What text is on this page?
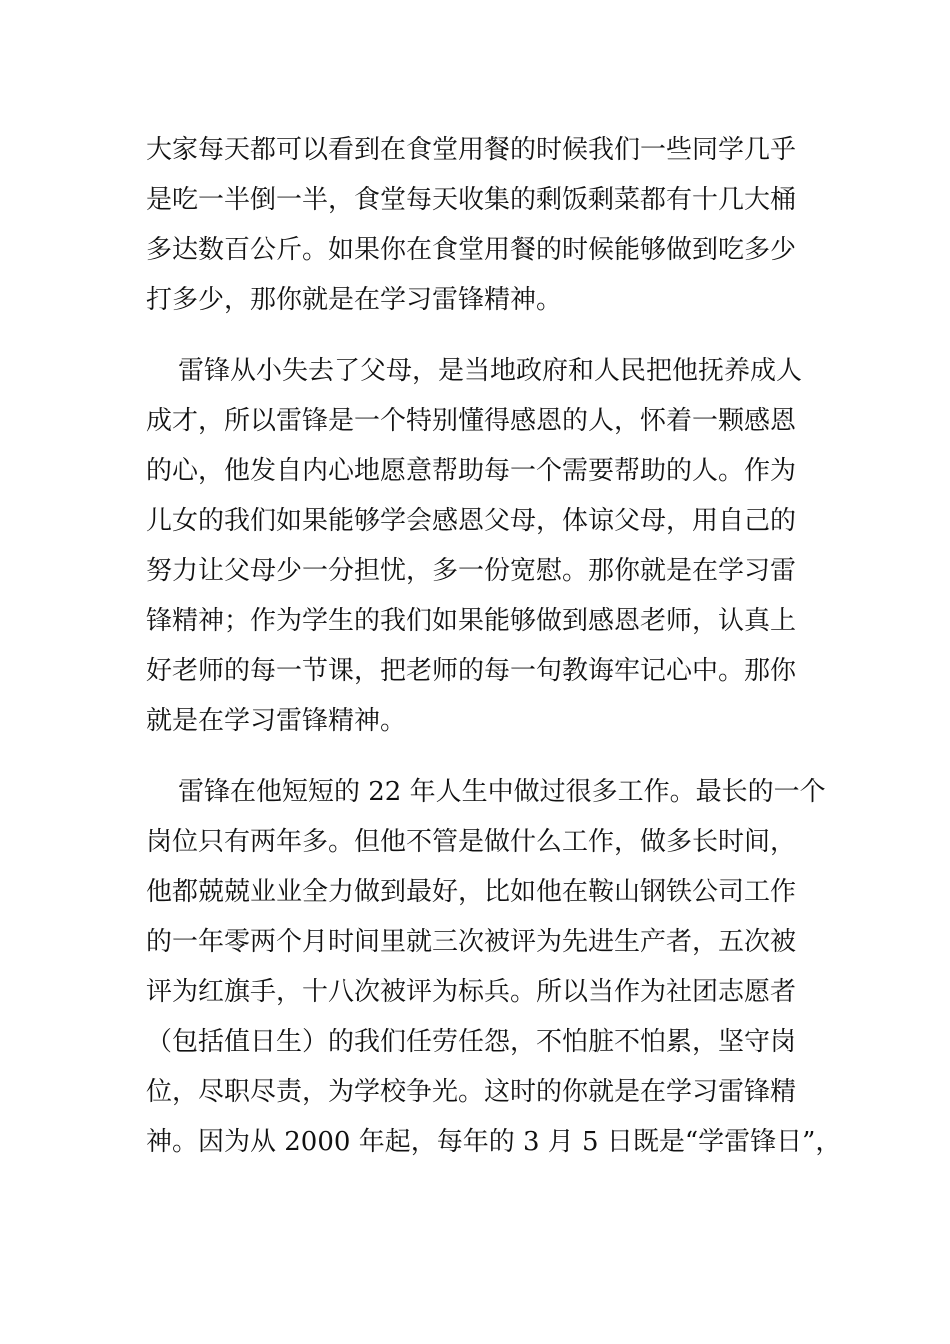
大家每天都可以看到在食堂用餐的时候我们一些同学几乎
是吃一半倒一半，食堂每天收集的剩饭剩菜都有十几大桶
多达数百公斤。如果你在食堂用餐的时候能够做到吃多少
打多少，那你就是在学习雷锋精神。
雷锋从小失去了父母，是当地政府和人民把他抚养成人
成才，所以雷锋是一个特别懂得感恩的人，怀着一颗感恩
的心，他发自内心地愿意帮助每一个需要帮助的人。作为
儿女的我们如果能够学会感恩父母，体谅父母，用自己的
努力让父母少一分担忧，多一份宽慰。那你就是在学习雷
锋精神；作为学生的我们如果能够做到感恩老师，认真上
好老师的每一节课，把老师的每一句教诲牢记心中。那你
就是在学习雷锋精神。
雷锋在他短短的 22 年人生中做过很多工作。最长的一个
岗位只有两年多。但他不管是做什么工作，做多长时间，
他都兢兢业业全力做到最好，比如他在鞍山钢铁公司工作
的一年零两个月时间里就三次被评为先进生产者，五次被
评为红旗手，十八次被评为标兵。所以当作为社团志愿者
（包括值日生）的我们任劳任怨，不怕脏不怕累，坚守岗
位，尽职尽责，为学校争光。这时的你就是在学习雷锋精
神。因为从 2000 年起，每年的 3 月 5 日既是“学雷锋日”，
